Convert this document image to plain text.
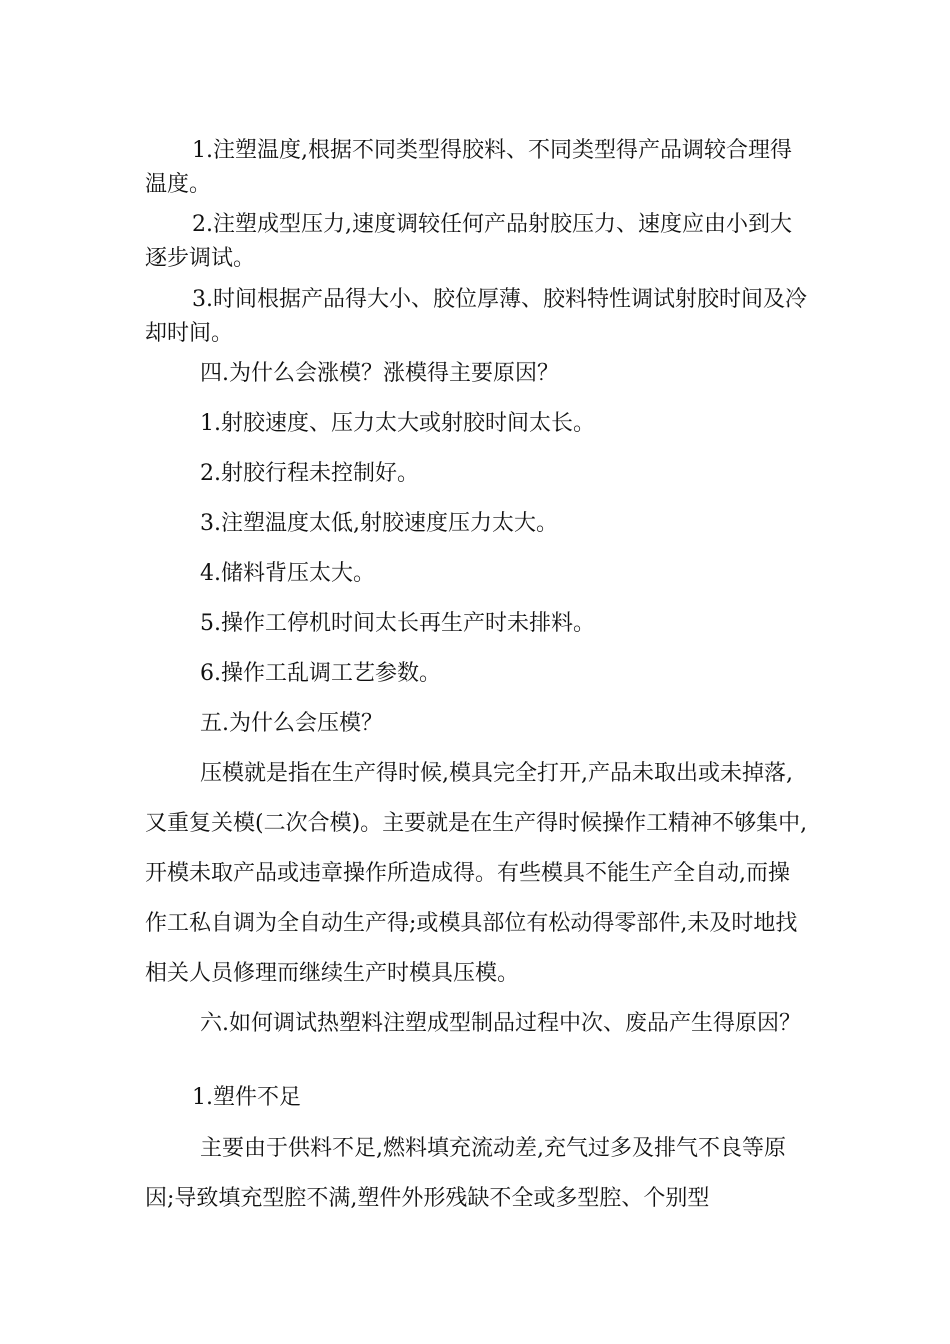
1.注塑温度,根据不同类型得胶料、不同类型得产品调较合理得温度。

2.注塑成型压力,速度调较任何产品射胶压力、速度应由小到大逐步调试。

3.时间根据产品得大小、胶位厚薄、胶料特性调试射胶时间及冷却时间。

四.为什么会涨模？涨模得主要原因？

1.射胶速度、压力太大或射胶时间太长。

2.射胶行程未控制好。

3.注塑温度太低,射胶速度压力太大。

4.储料背压太大。

5.操作工停机时间太长再生产时未排料。

6.操作工乱调工艺参数。

五.为什么会压模？

压模就是指在生产得时候,模具完全打开,产品未取出或未掉落,又重复关模(二次合模)。主要就是在生产得时候操作工精神不够集中,开模未取产品或违章操作所造成得。有些模具不能生产全自动,而操作工私自调为全自动生产得;或模具部位有松动得零部件,未及时地找相关人员修理而继续生产时模具压模。

六.如何调试热塑料注塑成型制品过程中次、废品产生得原因？

1.塑件不足

主要由于供料不足,燃料填充流动差,充气过多及排气不良等原因;导致填充型腔不满,塑件外形残缺不全或多型腔、个别型
